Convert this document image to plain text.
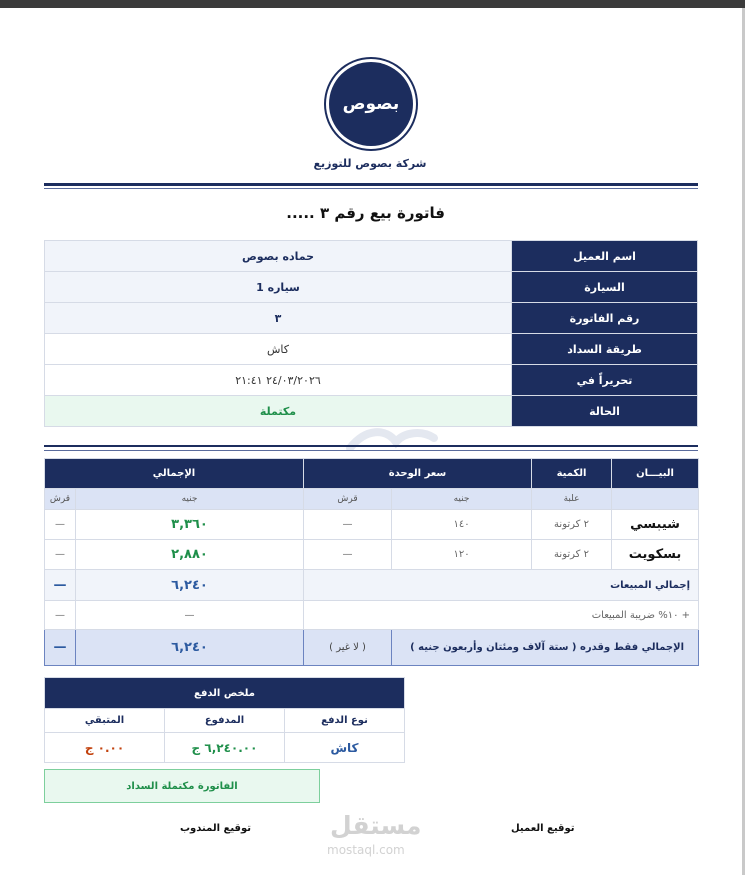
بصوص
شركة بصوص للتوزيع
فاتورة بيع رقم ٣ .....
حماده بصوص	اسم العميل
سياره 1	السيارة
٣	رقم الفاتورة
كاش	طريقة السداد
٢٤/٠٣/٢٠٢٦ ٢١:٤١	تحريراً في
مكتملة	الحالة
الإجمالي		سعر الوحدة		الكمية	البيـــان
قرش	جنيه	قرش	جنيه	علبة	
—	٣,٣٦٠	—	١٤٠	٢ كرتونة	شيبسي
—	٢,٨٨٠	—	١٢٠	٢ كرتونة	بسكويت
—	٦,٢٤٠	إجمالي المبيعات			
—	—	+ ١٠% ضريبة المبيعات			
—	٦,٢٤٠	( لا غير )	الإجمالي فقط وقدره ( ستة آلاف ومئتان وأربعون جنيه )		
ملخص الدفع		
المتبقي	المدفوع	نوع الدفع
٠.٠٠ ج	٦,٢٤٠.٠٠ ج	كاش
الفاتورة مكتملة السداد
توقيع العميل
توقيع المندوب	مستقل
mostaql.com
